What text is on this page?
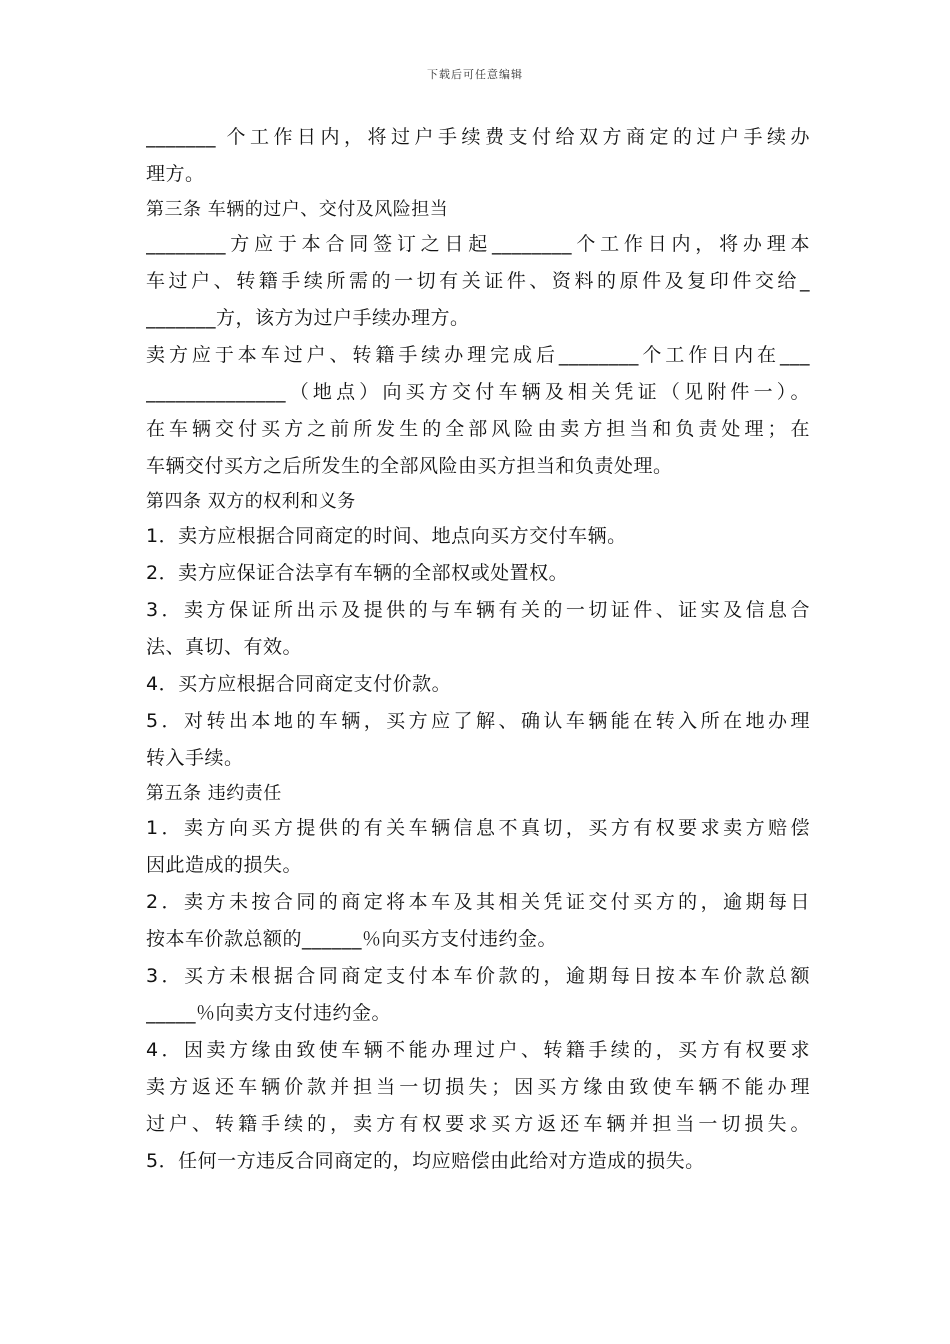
下载后可任意编辑
_______ 个工作日内，将过户手续费支付给双方商定的过户手续办
理方。
第三条 车辆的过户、交付及风险担当
________方应于本合同签订之日起________个工作日内，将办理本
车过户、转籍手续所需的一切有关证件、资料的原件及复印件交给_
_______方，该方为过户手续办理方。
卖方应于本车过户、转籍手续办理完成后________个工作日内在___
______________（地点）向买方交付车辆及相关凭证（见附件一）。
在车辆交付买方之前所发生的全部风险由卖方担当和负责处理；在
车辆交付买方之后所发生的全部风险由买方担当和负责处理。
第四条 双方的权利和义务
1．卖方应根据合同商定的时间、地点向买方交付车辆。
2．卖方应保证合法享有车辆的全部权或处置权。
3．卖方保证所出示及提供的与车辆有关的一切证件、证实及信息合
法、真切、有效。
4．买方应根据合同商定支付价款。
5．对转出本地的车辆，买方应了解、确认车辆能在转入所在地办理
转入手续。
第五条 违约责任
1．卖方向买方提供的有关车辆信息不真切，买方有权要求卖方赔偿
因此造成的损失。
2．卖方未按合同的商定将本车及其相关凭证交付买方的，逾期每日
按本车价款总额的______％向买方支付违约金。
3．买方未根据合同商定支付本车价款的，逾期每日按本车价款总额
_____％向卖方支付违约金。
4．因卖方缘由致使车辆不能办理过户、转籍手续的，买方有权要求
卖方返还车辆价款并担当一切损失；因买方缘由致使车辆不能办理
过户、转籍手续的，卖方有权要求买方返还车辆并担当一切损失。
5．任何一方违反合同商定的，均应赔偿由此给对方造成的损失。
